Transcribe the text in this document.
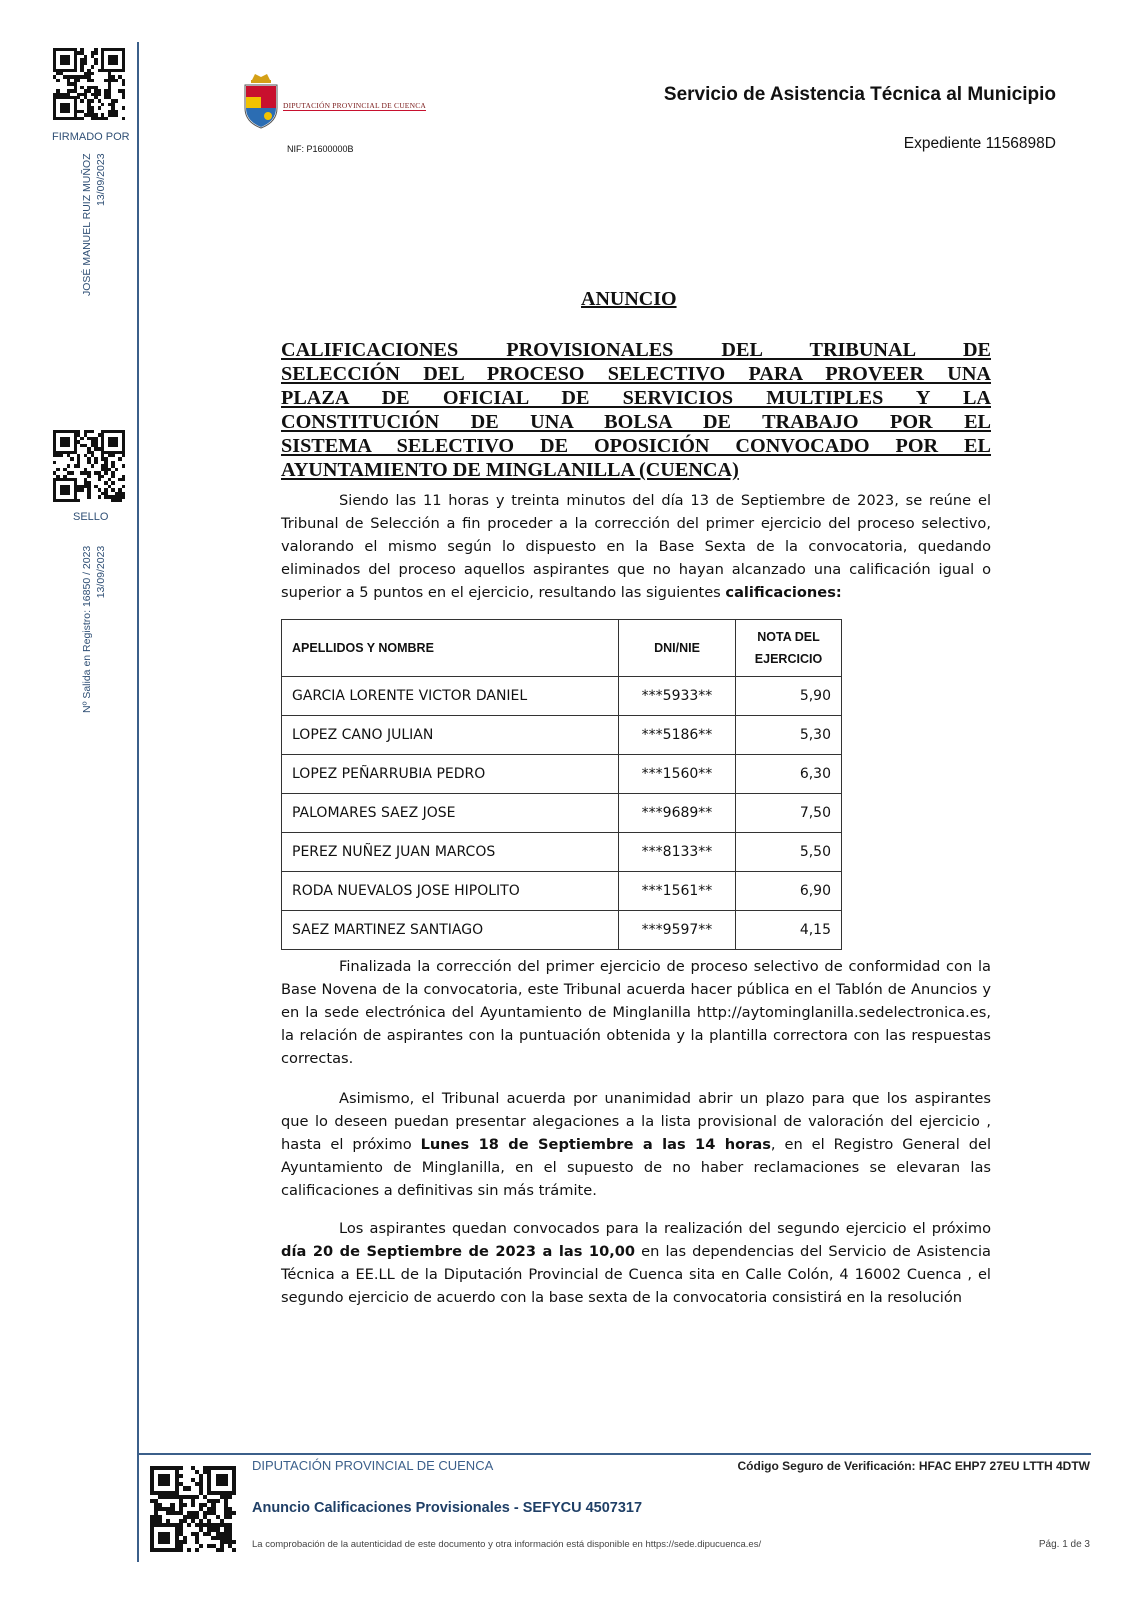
FIRMADO POR
JOSÉ MANUEL RUIZ MUÑOZ 13/09/2023
SELLO
Nº Salida en Registro: 16850 / 2023 13/09/2023
DIPUTACIÓN PROVINCIAL DE CUENCA
NIF: P1600000B
Servicio de Asistencia Técnica al Municipio
Expediente 1156898D
ANUNCIO
CALIFICACIONES PROVISIONALES DEL TRIBUNAL DE
SELECCIÓN DEL PROCESO SELECTIVO PARA PROVEER UNA
PLAZA DE OFICIAL DE SERVICIOS MULTIPLES Y LA
CONSTITUCIÓN DE UNA BOLSA DE TRABAJO POR EL
SISTEMA SELECTIVO DE OPOSICIÓN CONVOCADO POR EL
AYUNTAMIENTO DE MINGLANILLA (CUENCA)

Siendo las 11 horas y treinta minutos del día 13 de Septiembre de 2023, se reúne el Tribunal de Selección a fin proceder a la corrección del primer ejercicio del proceso selectivo, valorando el mismo según lo dispuesto en la Base Sexta de la convocatoria, quedando eliminados del proceso aquellos aspirantes que no hayan alcanzado una calificación igual o superior a 5 puntos en el ejercicio, resultando las siguientes calificaciones:

APELLIDOS Y NOMBRE	DNI/NIE	NOTA DEL
EJERCICIO

GARCIA LORENTE VICTOR DANIEL	***5933**	5,90
LOPEZ CANO JULIAN	***5186**	5,30
LOPEZ PEÑARRUBIA PEDRO	***1560**	6,30
PALOMARES SAEZ JOSE	***9689**	7,50
PEREZ NUÑEZ JUAN MARCOS	***8133**	5,50
RODA NUEVALOS JOSE HIPOLITO	***1561**	6,90
SAEZ MARTINEZ SANTIAGO	***9597**	4,15

Finalizada la corrección del primer ejercicio de proceso selectivo de conformidad con la Base Novena de la convocatoria, este Tribunal acuerda hacer pública en el Tablón de Anuncios y en la sede electrónica del Ayuntamiento de Minglanilla http://aytominglanilla.sedelectronica.es, la relación de aspirantes con la puntuación obtenida y la plantilla correctora con las respuestas correctas.

Asimismo, el Tribunal acuerda por unanimidad abrir un plazo para que los aspirantes que lo deseen puedan presentar alegaciones a la lista provisional de valoración del ejercicio , hasta el próximo Lunes 18 de Septiembre a las 14 horas, en el Registro General del Ayuntamiento de Minglanilla, en el supuesto de no haber reclamaciones se elevaran las calificaciones a definitivas sin más trámite.

Los aspirantes quedan convocados para la realización del segundo ejercicio el próximo día 20 de Septiembre de 2023 a las 10,00 en las dependencias del Servicio de Asistencia Técnica a EE.LL de la Diputación Provincial de Cuenca sita en Calle Colón, 4 16002 Cuenca , el segundo ejercicio de acuerdo con la base sexta de la convocatoria consistirá en la resolución

DIPUTACIÓN PROVINCIAL DE CUENCA	Código Seguro de Verificación: HFAC EHP7 27EU LTTH 4DTW
Anuncio Calificaciones Provisionales - SEFYCU 4507317
La comprobación de la autenticidad de este documento y otra información está disponible en https://sede.dipucuenca.es/	Pág. 1 de 3
